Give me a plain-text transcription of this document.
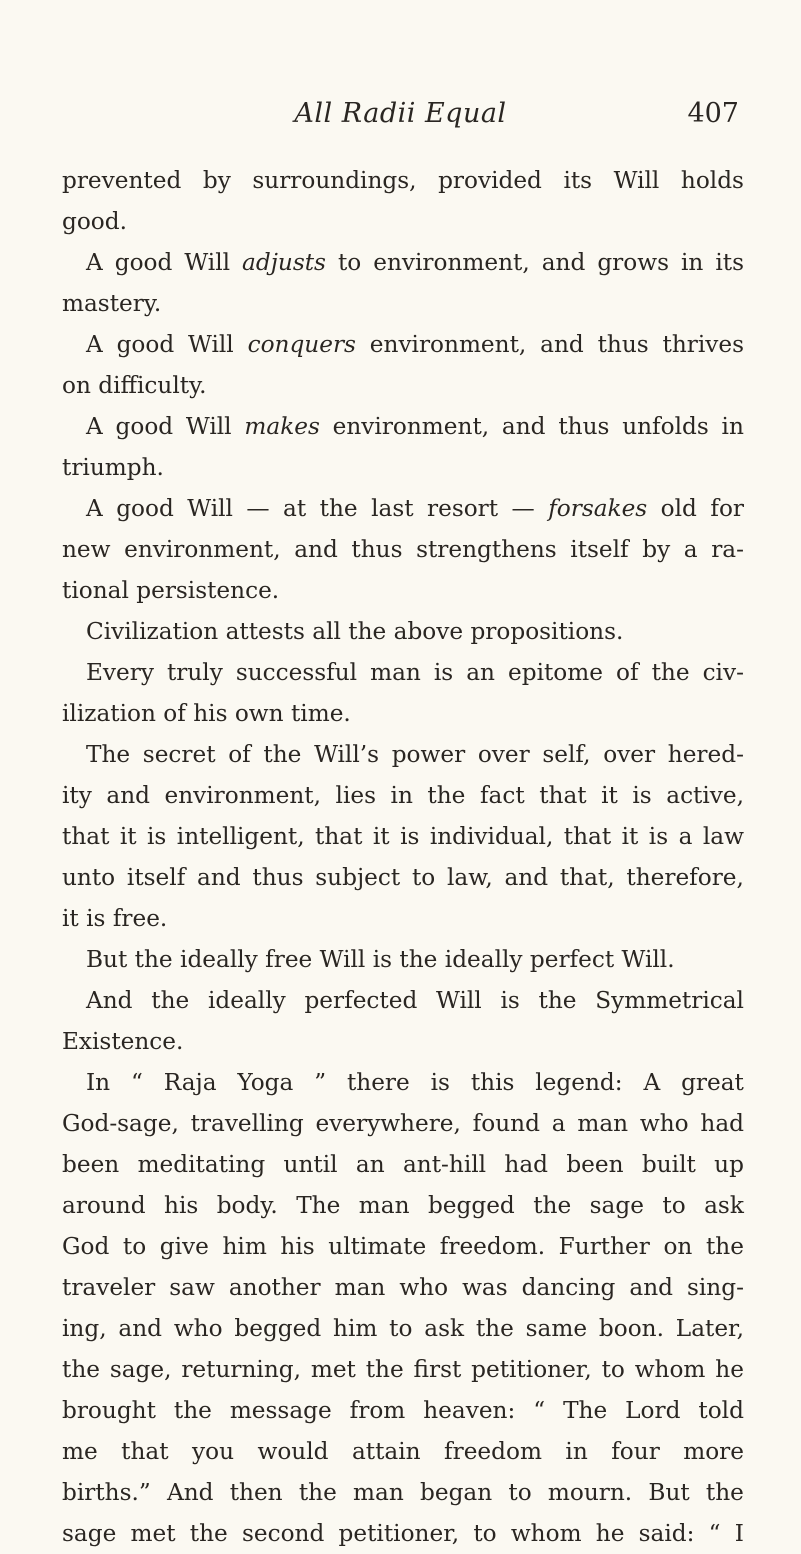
All Radii Equal	407
prevented by surroundings, provided its Will holds
good.
A good Will adjusts to environment, and grows in its
mastery.
A good Will conquers environment, and thus thrives
on difficulty.
A good Will makes environment, and thus unfolds in
triumph.
A good Will — at the last resort — forsakes old for
new environment, and thus strengthens itself by a ra-
tional persistence.
Civilization attests all the above propositions.
Every truly successful man is an epitome of the civ-
ilization of his own time.
The secret of the Will’s power over self, over hered-
ity and environment, lies in the fact that it is active,
that it is intelligent, that it is individual, that it is a law
unto itself and thus subject to law, and that, therefore,
it is free.
But the ideally free Will is the ideally perfect Will.
And the ideally perfected Will is the Symmetrical
Existence.
In “ Raja Yoga ” there is this legend: A great
God-sage, travelling everywhere, found a man who had
been meditating until an ant-hill had been built up
around his body. The man begged the sage to ask
God to give him his ultimate freedom. Further on the
traveler saw another man who was dancing and sing-
ing, and who begged him to ask the same boon. Later,
the sage, returning, met the first petitioner, to whom he
brought the message from heaven: “ The Lord told
me that you would attain freedom in four more
births.” And then the man began to mourn. But the
sage met the second petitioner, to whom he said: “ I
